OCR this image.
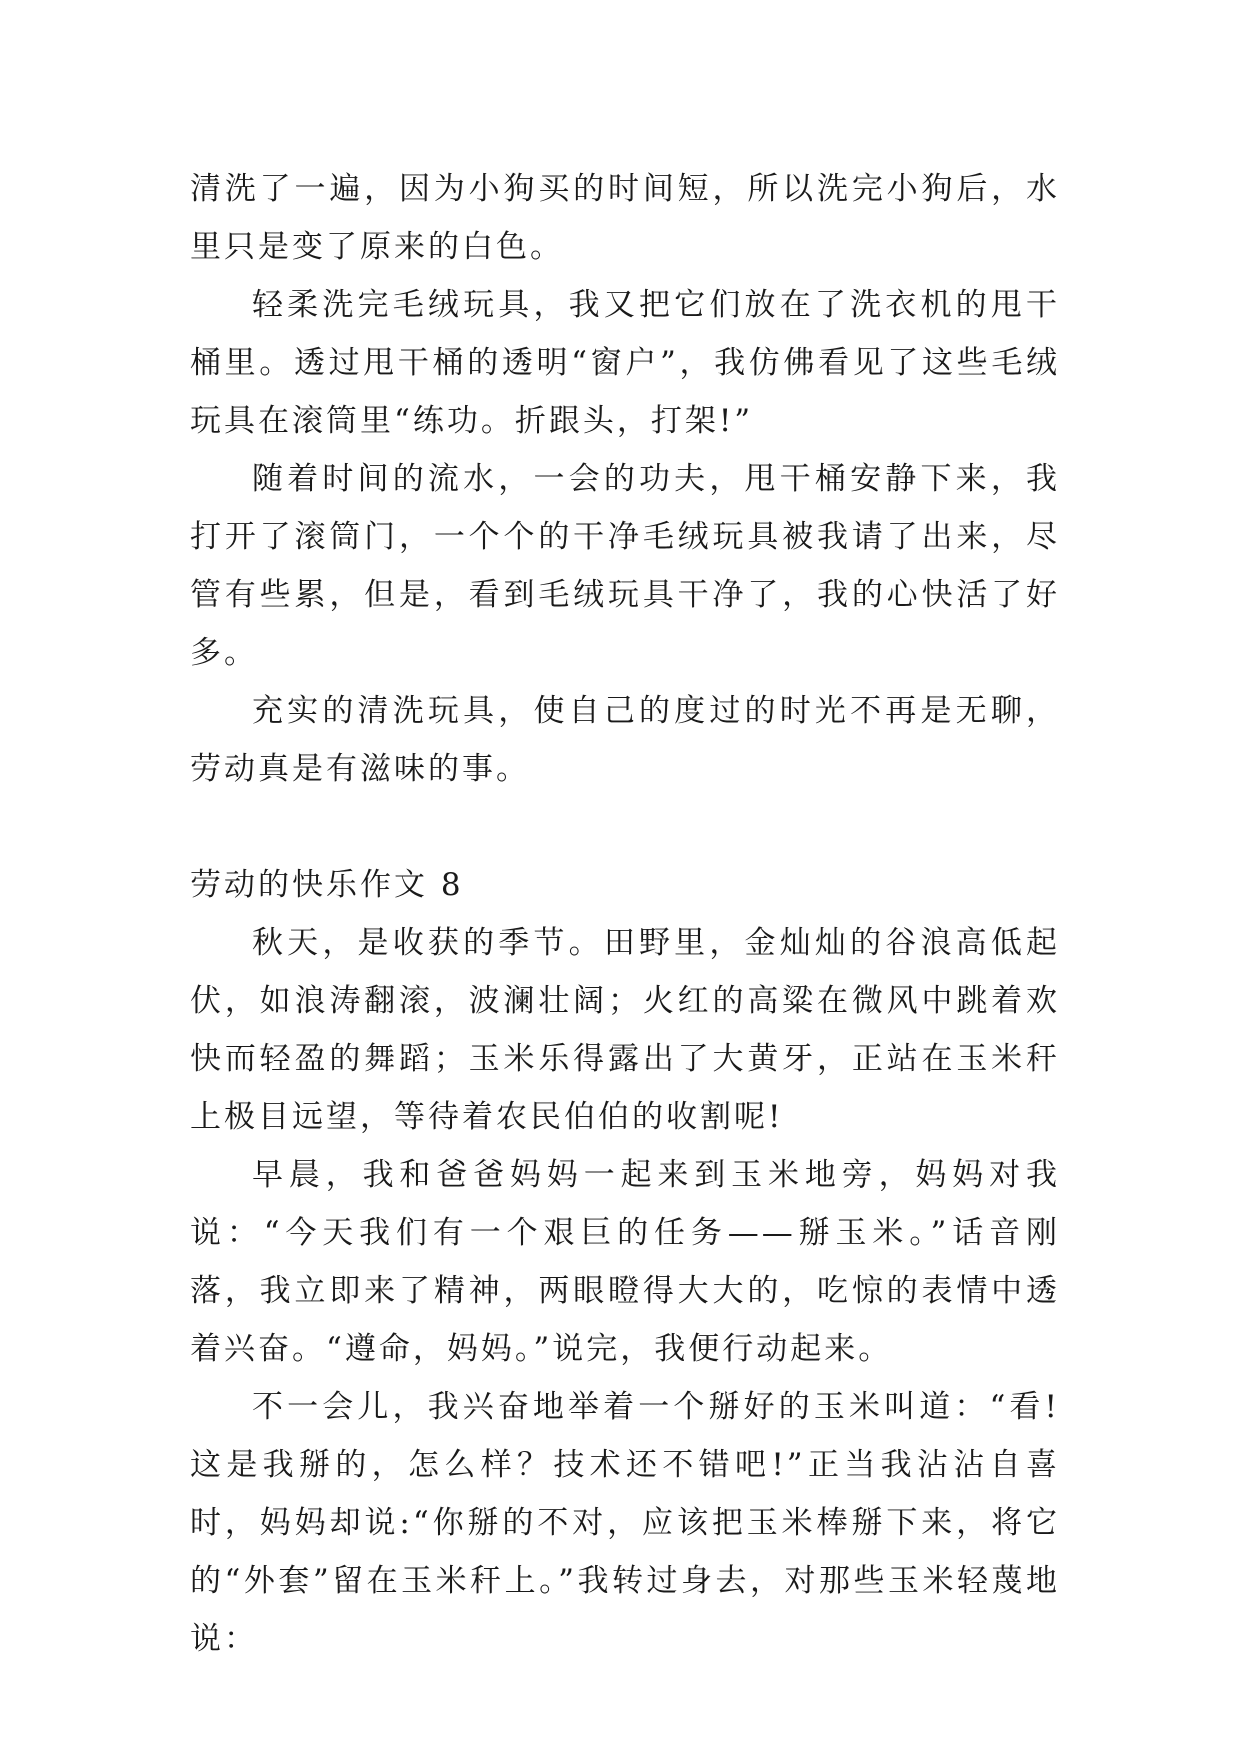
清洗了一遍，因为小狗买的时间短，所以洗完小狗后，水里只是变了原来的白色。

轻柔洗完毛绒玩具，我又把它们放在了洗衣机的甩干桶里。透过甩干桶的透明“窗户”，我仿佛看见了这些毛绒玩具在滚筒里“练功。折跟头，打架!”

随着时间的流水，一会的功夫，甩干桶安静下来，我打开了滚筒门，一个个的干净毛绒玩具被我请了出来，尽管有些累，但是，看到毛绒玩具干净了，我的心快活了好多。

充实的清洗玩具，使自己的度过的时光不再是无聊，劳动真是有滋味的事。

劳动的快乐作文 8

秋天，是收获的季节。田野里，金灿灿的谷浪高低起伏，如浪涛翻滚，波澜壮阔；火红的高粱在微风中跳着欢快而轻盈的舞蹈；玉米乐得露出了大黄牙，正站在玉米秆上极目远望，等待着农民伯伯的收割呢!

早晨，我和爸爸妈妈一起来到玉米地旁，妈妈对我说：“今天我们有一个艰巨的任务——掰玉米。”话音刚落，我立即来了精神，两眼瞪得大大的，吃惊的表情中透着兴奋。“遵命，妈妈。”说完，我便行动起来。

不一会儿，我兴奋地举着一个掰好的玉米叫道：“看!这是我掰的，怎么样？技术还不错吧!”正当我沾沾自喜时，妈妈却说:“你掰的不对，应该把玉米棒掰下来，将它的“外套”留在玉米秆上。”我转过身去，对那些玉米轻蔑地说：
